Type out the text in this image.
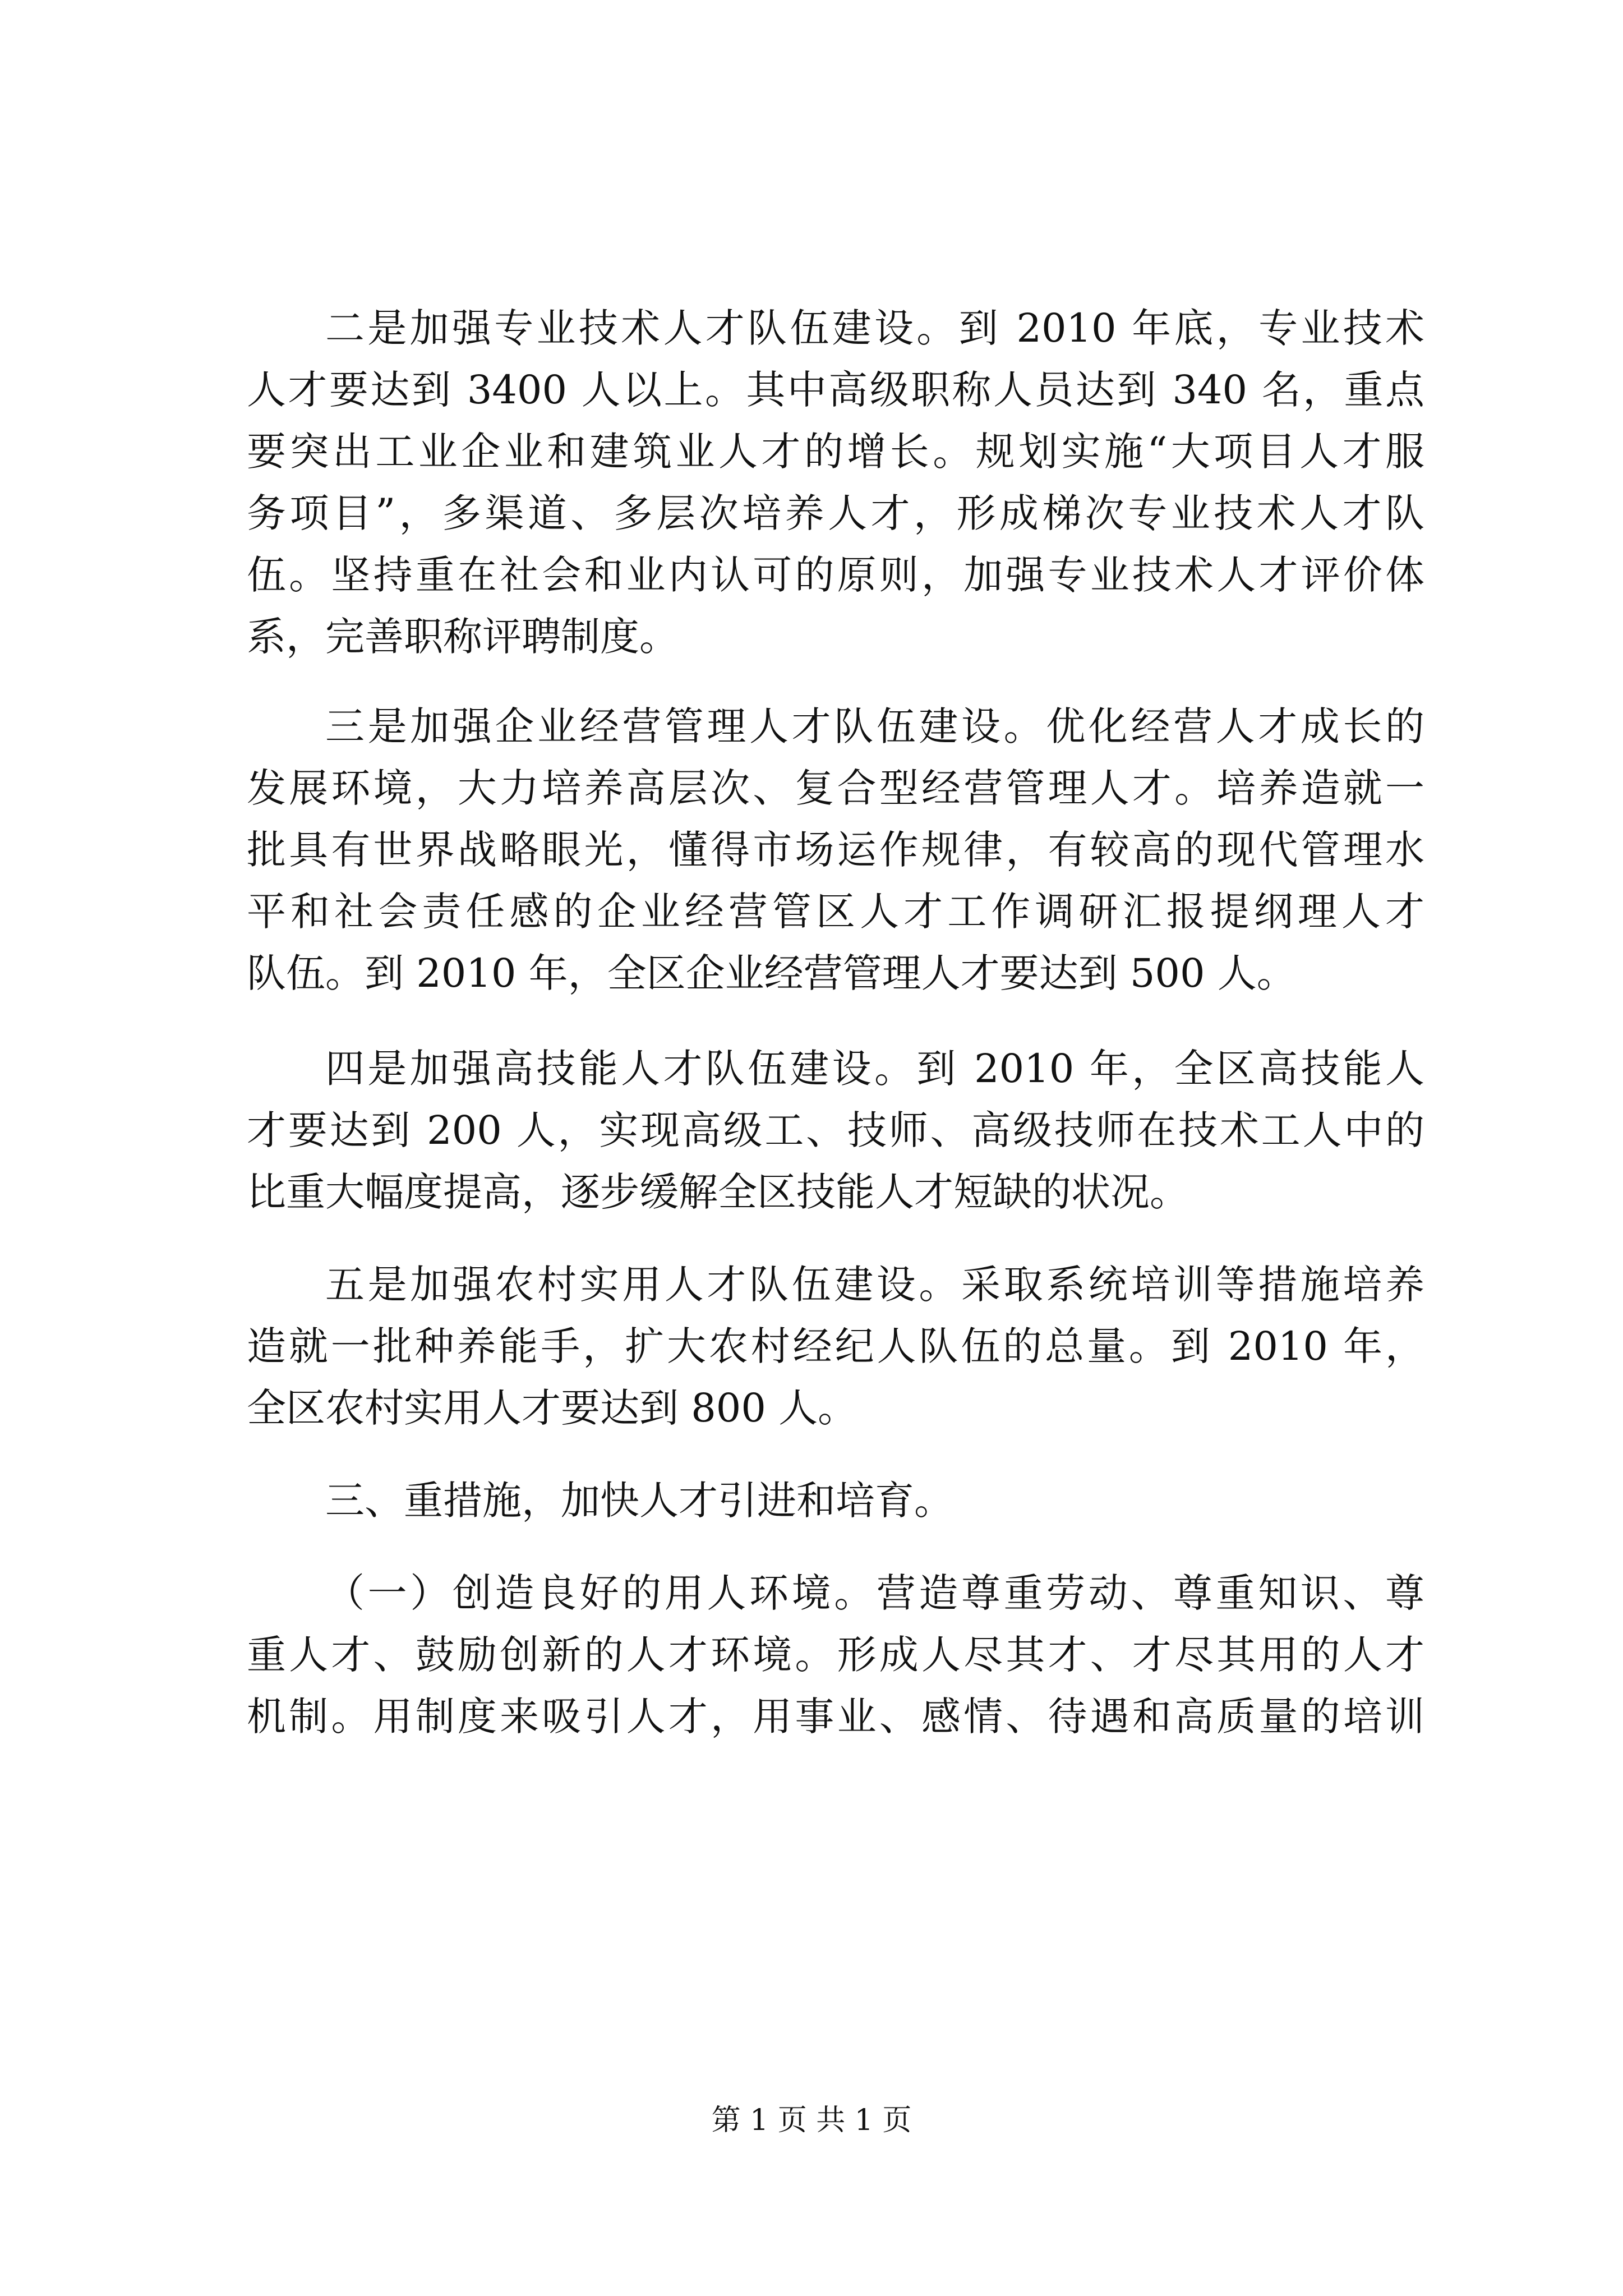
二是加强专业技术人才队伍建设。到 2010 年底，专业技术
人才要达到 3400 人以上。其中高级职称人员达到 340 名，重点
要突出工业企业和建筑业人才的增长。规划实施“大项目人才服
务项目”，多渠道、多层次培养人才，形成梯次专业技术人才队
伍。坚持重在社会和业内认可的原则，加强专业技术人才评价体
系，完善职称评聘制度。
三是加强企业经营管理人才队伍建设。优化经营人才成长的
发展环境，大力培养高层次、复合型经营管理人才。培养造就一
批具有世界战略眼光，懂得市场运作规律，有较高的现代管理水
平和社会责任感的企业经营管区人才工作调研汇报提纲理人才
队伍。到 2010 年，全区企业经营管理人才要达到 500 人。
四是加强高技能人才队伍建设。到 2010 年，全区高技能人
才要达到 200 人，实现高级工、技师、高级技师在技术工人中的
比重大幅度提高，逐步缓解全区技能人才短缺的状况。
五是加强农村实用人才队伍建设。采取系统培训等措施培养
造就一批种养能手，扩大农村经纪人队伍的总量。到 2010 年，
全区农村实用人才要达到 800 人。
三、重措施，加快人才引进和培育。
（一）创造良好的用人环境。营造尊重劳动、尊重知识、尊
重人才、鼓励创新的人才环境。形成人尽其才、才尽其用的人才
机制。用制度来吸引人才，用事业、感情、待遇和高质量的培训
第 1 页 共 1 页
